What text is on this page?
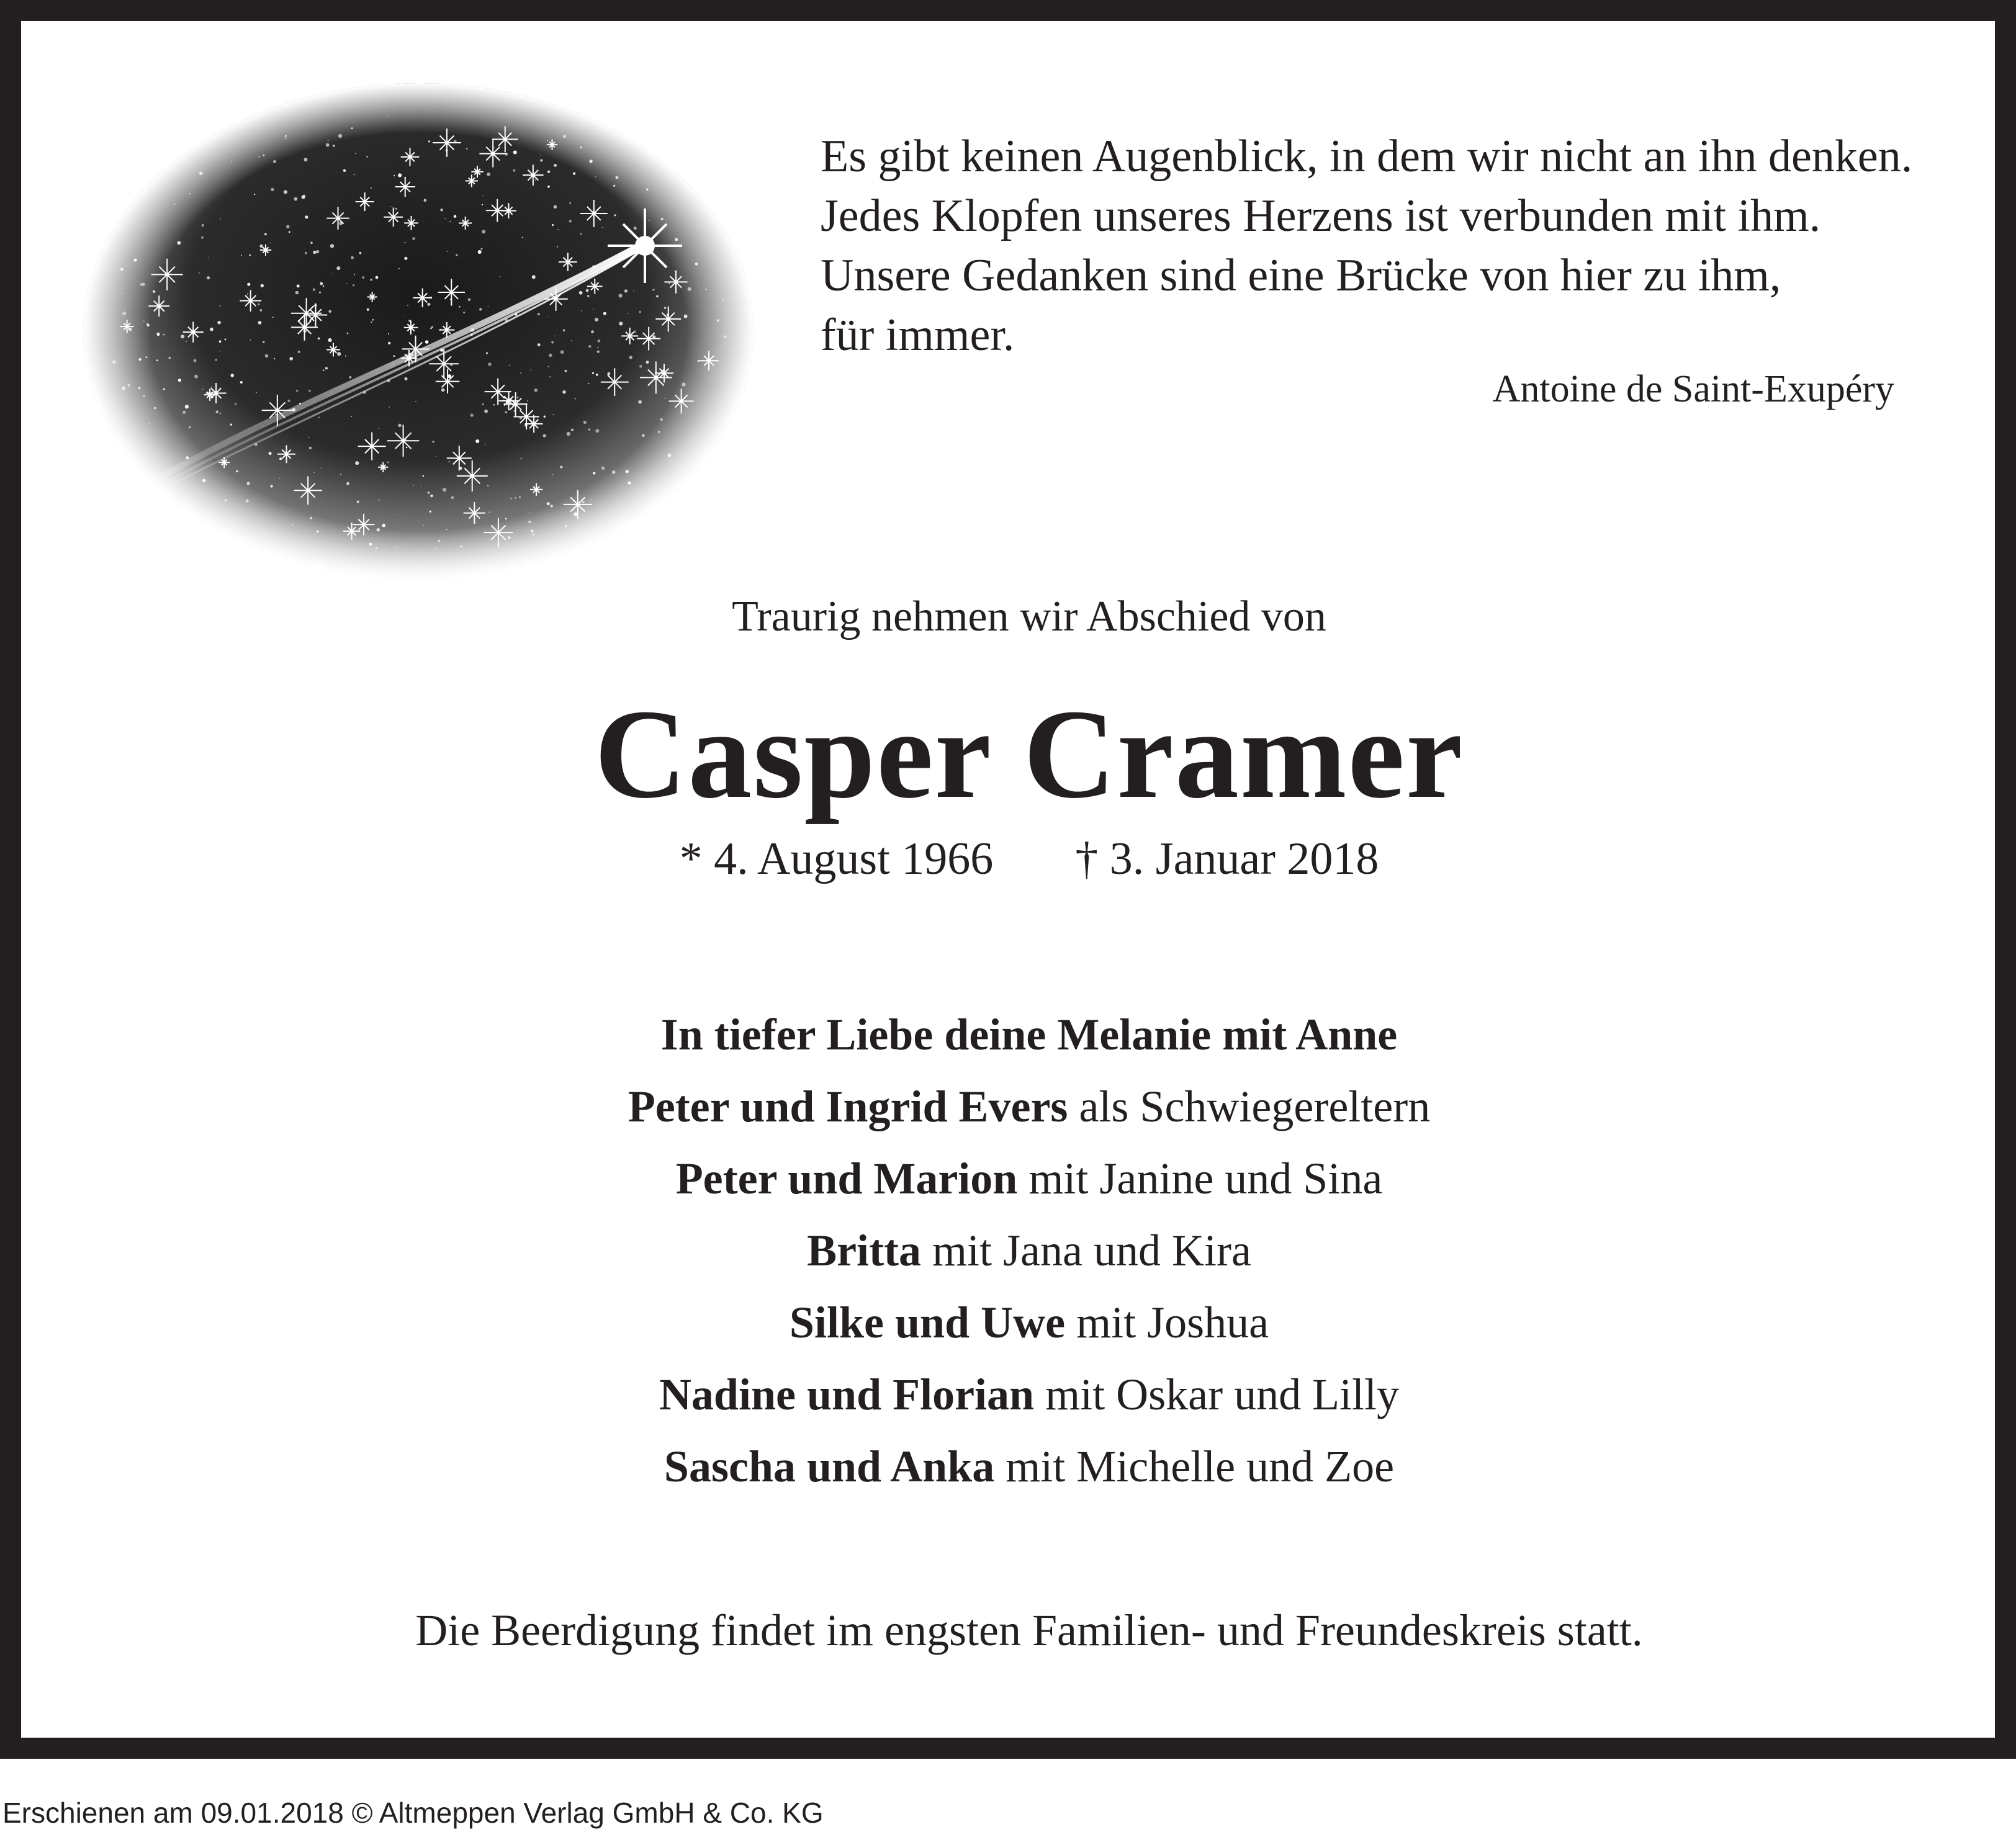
Es gibt keinen Augenblick, in dem wir nicht an ihn denken.
Jedes Klopfen unseres Herzens ist verbunden mit ihm.
Unsere Gedanken sind eine Brücke von hier zu ihm,
für immer.
Antoine de Saint-Exupéry
Traurig nehmen wir Abschied von
Casper Cramer
* 4. August 1966 † 3. Januar 2018
In tiefer Liebe deine Melanie mit Anne
Peter und Ingrid Evers als Schwiegereltern
Peter und Marion mit Janine und Sina
Britta mit Jana und Kira
Silke und Uwe mit Joshua
Nadine und Florian mit Oskar und Lilly
Sascha und Anka mit Michelle und Zoe
Die Beerdigung findet im engsten Familien- und Freundeskreis statt.
Erschienen am 09.01.2018 © Altmeppen Verlag GmbH & Co. KG
